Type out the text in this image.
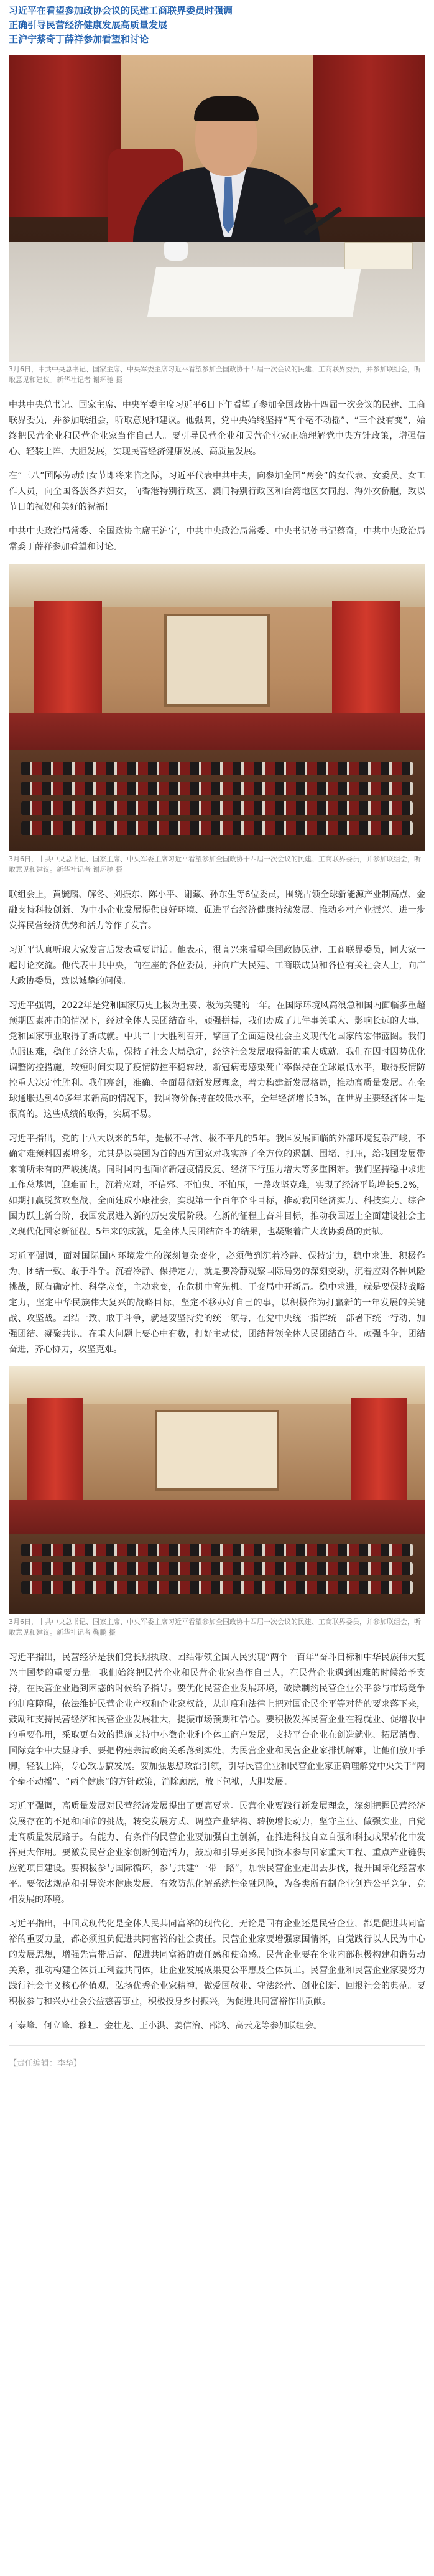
习近平在看望参加政协会议的民建工商联界委员时强调
正确引导民营经济健康发展高质量发展
王沪宁蔡奇丁薛祥参加看望和讨论
3月6日，中共中央总书记、国家主席、中央军委主席习近平看望参加全国政协十四届一次会议的民建、工商联界委员，并参加联组会，听取意见和建议。新华社记者 谢环驰 摄

中共中央总书记、国家主席、中央军委主席习近平6日下午看望了参加全国政协十四届一次会议的民建、工商联界委员，并参加联组会，听取意见和建议。他强调，党中央始终坚持“两个毫不动摇”、“三个没有变”，始终把民营企业和民营企业家当作自己人。要引导民营企业和民营企业家正确理解党中央方针政策，增强信心、轻装上阵、大胆发展，实现民营经济健康发展、高质量发展。

在“三八”国际劳动妇女节即将来临之际，习近平代表中共中央，向参加全国“两会”的女代表、女委员、女工作人员，向全国各族各界妇女，向香港特别行政区、澳门特别行政区和台湾地区女同胞、海外女侨胞，致以节日的祝贺和美好的祝福！

中共中央政治局常委、全国政协主席王沪宁，中共中央政治局常委、中央书记处书记蔡奇，中共中央政治局常委丁薛祥参加看望和讨论。

3月6日，中共中央总书记、国家主席、中央军委主席习近平看望参加全国政协十四届一次会议的民建、工商联界委员，并参加联组会，听取意见和建议。新华社记者 谢环驰 摄

联组会上，黄毓麟、解冬、刘振东、陈小平、谢藏、孙东生等6位委员，围绕占领全球新能源产业制高点、金融支持科技创新、为中小企业发展提供良好环境、促进平台经济健康持续发展、推动乡村产业振兴、进一步发挥民营经济优势和活力等作了发言。

习近平认真听取大家发言后发表重要讲话。他表示，很高兴来看望全国政协民建、工商联界委员，同大家一起讨论交流。他代表中共中央，向在座的各位委员，并向广大民建、工商联成员和各位有关社会人士，向广大政协委员，致以诚挚的问候。

习近平强调，2022年是党和国家历史上极为重要、极为关键的一年。在国际环境风高浪急和国内面临多重超预期因素冲击的情况下，经过全体人民团结奋斗，顽强拼搏，我们办成了几件事关重大、影响长远的大事，党和国家事业取得了新成就。中共二十大胜利召开，擘画了全面建设社会主义现代化国家的宏伟蓝图。我们克服困难，稳住了经济大盘，保持了社会大局稳定，经济社会发展取得新的重大成就。我们在因时因势优化调整防控措施，较短时间实现了疫情防控平稳转段，新冠病毒感染死亡率保持在全球最低水平，取得疫情防控重大决定性胜利。我们亮剑，准确、全面贯彻新发展理念，着力构建新发展格局，推动高质量发展。在全球通胀达到40多年来新高的情况下，我国物价保持在较低水平，全年经济增长3%，在世界主要经济体中是很高的。这些成绩的取得，实属不易。

习近平指出，党的十八大以来的5年，是极不寻常、极不平凡的5年。我国发展面临的外部环境复杂严峻，不确定难预料因素增多，尤其是以美国为首的西方国家对我实施了全方位的遏制、围堵、打压，给我国发展带来前所未有的严峻挑战。同时国内也面临新冠疫情反复、经济下行压力增大等多重困难。我们坚持稳中求进工作总基调，迎难而上，沉着应对，不信邪、不怕鬼、不怕压，一路攻坚克难，实现了经济平均增长5.2%，如期打赢脱贫攻坚战，全面建成小康社会，实现第一个百年奋斗目标，推动我国经济实力、科技实力、综合国力跃上新台阶，我国发展进入新的历史发展阶段。在新的征程上奋斗目标，推动我国迈上全面建设社会主义现代化国家新征程。5年来的成就，是全体人民团结奋斗的结果，也凝聚着广大政协委员的贡献。

习近平强调，面对国际国内环境发生的深刻复杂变化，必须做到沉着冷静、保持定力，稳中求进、积极作为，团结一致、敢于斗争。沉着冷静、保持定力，就是要冷静观察国际局势的深刻变动，沉着应对各种风险挑战，既有确定性、科学应变，主动求变，在危机中育先机、于变局中开新局。稳中求进，就是要保持战略定力，坚定中华民族伟大复兴的战略目标，坚定不移办好自己的事，以积极作为打赢新的一年发展的关键战、攻坚战。团结一致、敢于斗争，就是要坚持党的统一领导，在党中央统一指挥统一部署下统一行动，加强团结、凝聚共识，在重大问题上要心中有数，打好主动仗，团结带领全体人民团结奋斗，顽强斗争，团结奋进，齐心协力，攻坚克难。

3月6日，中共中央总书记、国家主席、中央军委主席习近平看望参加全国政协十四届一次会议的民建、工商联界委员，并参加联组会，听取意见和建议。新华社记者 鞠鹏 摄

习近平指出，民营经济是我们党长期执政、团结带领全国人民实现“两个一百年”奋斗目标和中华民族伟大复兴中国梦的重要力量。我们始终把民营企业和民营企业家当作自己人，在民营企业遇到困难的时候给予支持，在民营企业遇到困惑的时候给予指导。要优化民营企业发展环境，破除制约民营企业公平参与市场竞争的制度障碍，依法维护民营企业产权和企业家权益，从制度和法律上把对国企民企平等对待的要求落下来，鼓励和支持民营经济和民营企业发展壮大，提振市场预期和信心。要积极发挥民营企业在稳就业、促增收中的重要作用，采取更有效的措施支持中小微企业和个体工商户发展，支持平台企业在创造就业、拓展消费、国际竞争中大显身手。要把构建亲清政商关系落到实处，为民营企业和民营企业家排忧解难，让他们放开手脚，轻装上阵，专心致志搞发展。要加强思想政治引领，引导民营企业和民营企业家正确理解党中央关于“两个毫不动摇”、“两个健康”的方针政策，消除顾虑，放下包袱，大胆发展。

习近平强调，高质量发展对民营经济发展提出了更高要求。民营企业要践行新发展理念，深刻把握民营经济发展存在的不足和面临的挑战，转变发展方式、调整产业结构、转换增长动力，坚守主业、做强实业，自觉走高质量发展路子。有能力、有条件的民营企业要加强自主创新，在推进科技自立自强和科技成果转化中发挥更大作用。要激发民营企业家创新创造活力，鼓励和引导更多民间资本参与国家重大工程、重点产业链供应链项目建设。要积极参与国际循环，参与共建“一带一路”，加快民营企业走出去步伐，提升国际化经营水平。要依法规范和引导资本健康发展，有效防范化解系统性金融风险，为各类所有制企业创造公平竞争、竞相发展的环境。

习近平指出，中国式现代化是全体人民共同富裕的现代化。无论是国有企业还是民营企业，都是促进共同富裕的重要力量，都必须担负促进共同富裕的社会责任。民营企业家要增强家国情怀，自觉践行以人民为中心的发展思想，增强先富带后富、促进共同富裕的责任感和使命感。民营企业要在企业内部积极构建和谐劳动关系，推动构建全体员工利益共同体，让企业发展成果更公平惠及全体员工。民营企业和民营企业家要努力践行社会主义核心价值观，弘扬优秀企业家精神，做爱国敬业、守法经营、创业创新、回报社会的典范。要积极参与和兴办社会公益慈善事业，积极投身乡村振兴，为促进共同富裕作出贡献。

石泰峰、何立峰、穆虹、金壮龙、王小洪、姜信治、邵鸿、高云龙等参加联组会。

【责任编辑：李华】
